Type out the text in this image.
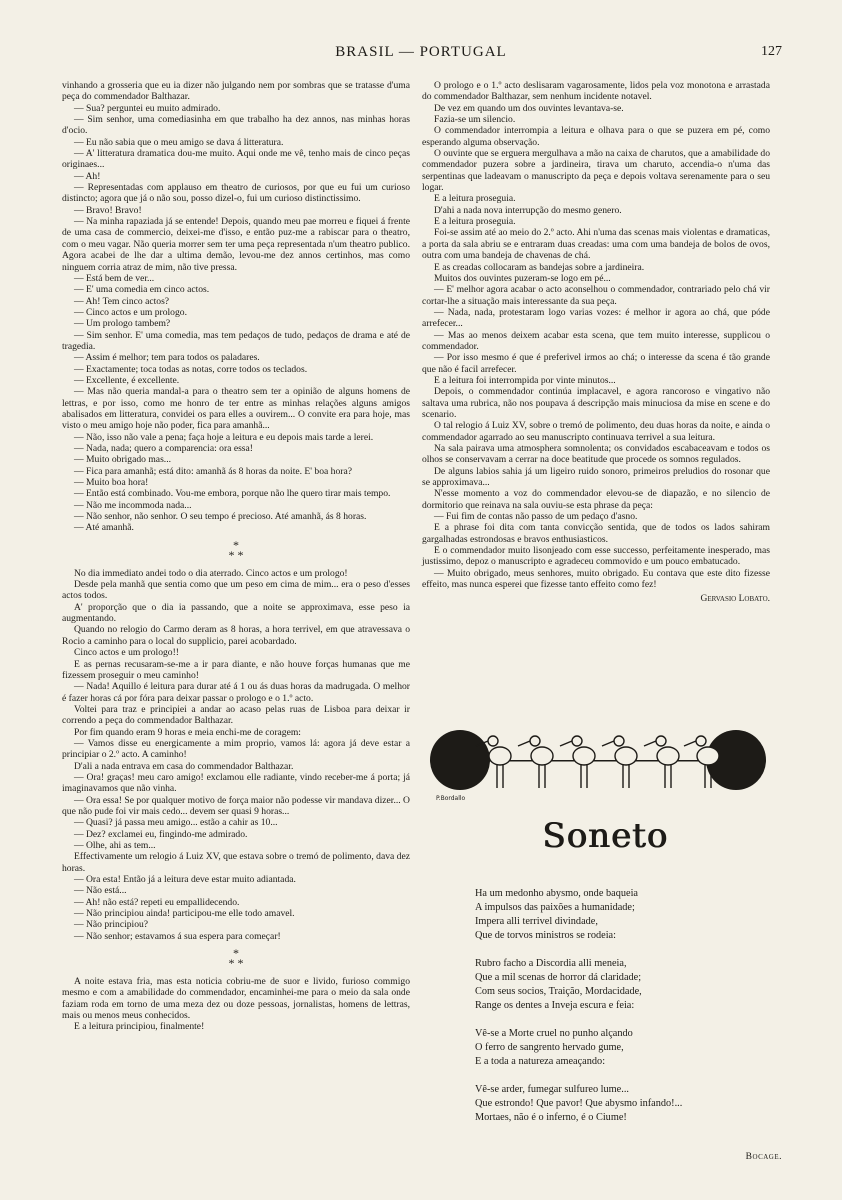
BRASIL — PORTUGAL	127

vinhando a grosseria que eu ia dizer não julgando nem por sombras que se tratasse d'uma peça do commendador Balthazar.

— Sua? perguntei eu muito admirado.

— Sim senhor, uma comediasinha em que trabalho ha dez annos, nas minhas horas d'ocio.

— Eu não sabia que o meu amigo se dava á litteratura.

— A' litteratura dramatica dou-me muito. Aqui onde me vê, tenho mais de cinco peças originaes...

— Ah!

— Representadas com applauso em theatro de curiosos, por que eu fui um curioso distincto; agora que já o não sou, posso dizel-o, fui um curioso distinctissimo.

— Bravo! Bravo!

— Na minha rapaziada já se entende! Depois, quando meu pae morreu e fiquei á frente de uma casa de commercio, deixei-me d'isso, e então puz-me a rabiscar para o theatro, com o meu vagar. Não queria morrer sem ter uma peça representada n'um theatro publico. Agora acabei de lhe dar a ultima demão, levou-me dez annos certinhos, mas como ninguem corria atraz de mim, não tive pressa.

— Está bem de ver...

— E' uma comedia em cinco actos.

— Ah! Tem cinco actos?

— Cinco actos e um prologo.

— Um prologo tambem?

— Sim senhor. E' uma comedia, mas tem pedaços de tudo, pedaços de drama e até de tragedia.

— Assim é melhor; tem para todos os paladares.

— Exactamente; toca todas as notas, corre todos os teclados.

— Excellente, é excellente.

— Mas não queria mandal-a para o theatro sem ter a opinião de alguns homens de lettras, e por isso, como me honro de ter entre as minhas relações alguns amigos abalisados em litteratura, convidei os para elles a ouvirem... O convite era para hoje, mas visto o meu amigo hoje não poder, fica para amanhã...

— Não, isso não vale a pena; faça hoje a leitura e eu depois mais tarde a lerei.

— Nada, nada; quero a comparencia: ora essa!

— Muito obrigado mas...

— Fica para amanhã; está dito: amanhã ás 8 horas da noite. E' boa hora?

— Muito boa hora!

— Então está combinado. Vou-me embora, porque não lhe quero tirar mais tempo.

— Não me incommoda nada...

— Não senhor, não senhor. O seu tempo é precioso. Até amanhã, ás 8 horas.

— Até amanhã.

*
* *

No dia immediato andei todo o dia aterrado. Cinco actos e um prologo!

Desde pela manhã que sentia como que um peso em cima de mim... era o peso d'esses actos todos.

A' proporção que o dia ia passando, que a noite se approximava, esse peso ia augmentando.

Quando no relogio do Carmo deram as 8 horas, a hora terrivel, em que atravessava o Rocio a caminho para o local do supplicio, parei acobardado.

Cinco actos e um prologo!!

E as pernas recusaram-se-me a ir para diante, e não houve forças humanas que me fizessem proseguir o meu caminho!

— Nada! Aquillo é leitura para durar até á 1 ou ás duas horas da madrugada. O melhor é fazer horas cá por fóra para deixar passar o prologo e o 1.º acto.

Voltei para traz e principiei a andar ao acaso pelas ruas de Lisboa para deixar ir correndo a peça do commendador Balthazar.

Por fim quando eram 9 horas e meia enchi-me de coragem:

— Vamos disse eu energicamente a mim proprio, vamos lá: agora já deve estar a principiar o 2.º acto. A caminho!

D'ali a nada entrava em casa do commendador Balthazar.

— Ora! graças! meu caro amigo! exclamou elle radiante, vindo receber-me á porta; já imaginavamos que não vinha.

— Ora essa! Se por qualquer motivo de força maior não podesse vir mandava dizer... O que não pude foi vir mais cedo... devem ser quasi 9 horas...

— Quasi? já passa meu amigo... estão a cahir as 10...

— Dez? exclamei eu, fingindo-me admirado.

— Olhe, ahi as tem...

Effectivamente um relogio á Luiz XV, que estava sobre o tremó de polimento, dava dez horas.

— Ora esta! Então já a leitura deve estar muito adiantada.

— Não está...

— Ah! não está? repeti eu empallidecendo.

— Não principiou ainda! participou-me elle todo amavel.

— Não principiou?

— Não senhor; estavamos á sua espera para começar!

*
* *

A noite estava fria, mas esta noticia cobriu-me de suor e livido, furioso commigo mesmo e com a amabilidade do commendador, encaminhei-me para o meio da sala onde faziam roda em torno de uma meza dez ou doze pessoas, jornalistas, homens de lettras, mais ou menos meus conhecidos.

E a leitura principiou, finalmente!

O prologo e o 1.º acto deslisaram vagarosamente, lidos pela voz monotona e arrastada do commendador Balthazar, sem nenhum incidente notavel.

De vez em quando um dos ouvintes levantava-se.

Fazia-se um silencio.

O commendador interrompia a leitura e olhava para o que se puzera em pé, como esperando alguma observação.

O ouvinte que se erguera mergulhava a mão na caixa de charutos, que a amabilidade do commendador puzera sobre a jardineira, tirava um charuto, accendia-o n'uma das serpentinas que ladeavam o manuscripto da peça e depois voltava serenamente para o seu logar.

E a leitura proseguia.

D'ahi a nada nova interrupção do mesmo genero.

E a leitura proseguia.

Foi-se assim até ao meio do 2.º acto. Ahi n'uma das scenas mais violentas e dramaticas, a porta da sala abriu se e entraram duas creadas: uma com uma bandeja de bolos de ovos, outra com uma bandeja de chavenas de chá.

E as creadas collocaram as bandejas sobre a jardineira.

Muitos dos ouvintes puzeram-se logo em pé...

— E' melhor agora acabar o acto aconselhou o commendador, contrariado pelo chá vir cortar-lhe a situação mais interessante da sua peça.

— Nada, nada, protestaram logo varias vozes: é melhor ir agora ao chá, que póde arrefecer...

— Mas ao menos deixem acabar esta scena, que tem muito interesse, supplicou o commendador.

— Por isso mesmo é que é preferivel irmos ao chá; o interesse da scena é tão grande que não é facil arrefecer.

E a leitura foi interrompida por vinte minutos...

Depois, o commendador continúa implacavel, e agora rancoroso e vingativo não saltava uma rubrica, não nos poupava á descripção mais minuciosa da mise en scene e do scenario.

O tal relogio á Luiz XV, sobre o tremó de polimento, deu duas horas da noite, e ainda o commendador agarrado ao seu manuscripto continuava terrivel a sua leitura.

Na sala pairava uma atmosphera somnolenta; os convidados escabaceavam e todos os olhos se conservavam a cerrar na doce beatitude que procede os somnos regulados.

De alguns labios sahia já um ligeiro ruido sonoro, primeiros preludios do rosonar que se approximava...

N'esse momento a voz do commendador elevou-se de diapazão, e no silencio de dormitorio que reinava na sala ouviu-se esta phrase da peça:

— Fui fim de contas não passo de um pedaço d'asno.

E a phrase foi dita com tanta convicção sentida, que de todos os lados sahiram gargalhadas estrondosas e bravos enthusiasticos.

E o commendador muito lisonjeado com esse successo, perfeitamente inesperado, mas justissimo, depoz o manuscripto e agradeceu commovido e um pouco embatucado.

— Muito obrigado, meus senhores, muito obrigado. Eu contava que este dito fizesse effeito, mas nunca esperei que fizesse tanto effeito como fez!

Gervasio Lobato.
P.Bordallo
Soneto
Ha um medonho abysmo, onde baqueia
A impulsos das paixões a humanidade;
Impera alli terrivel divindade,
Que de torvos ministros se rodeia:
Rubro facho a Discordia alli meneia,
Que a mil scenas de horror dá claridade;
Com seus socios, Traição, Mordacidade,
Range os dentes a Inveja escura e feia:
Vê-se a Morte cruel no punho alçando
O ferro de sangrento hervado gume,
E a toda a natureza ameaçando:
Vê-se arder, fumegar sulfureo lume...
Que estrondo! Que pavor! Que abysmo infando!...
Mortaes, não é o inferno, é o Ciume!
Bocage.
